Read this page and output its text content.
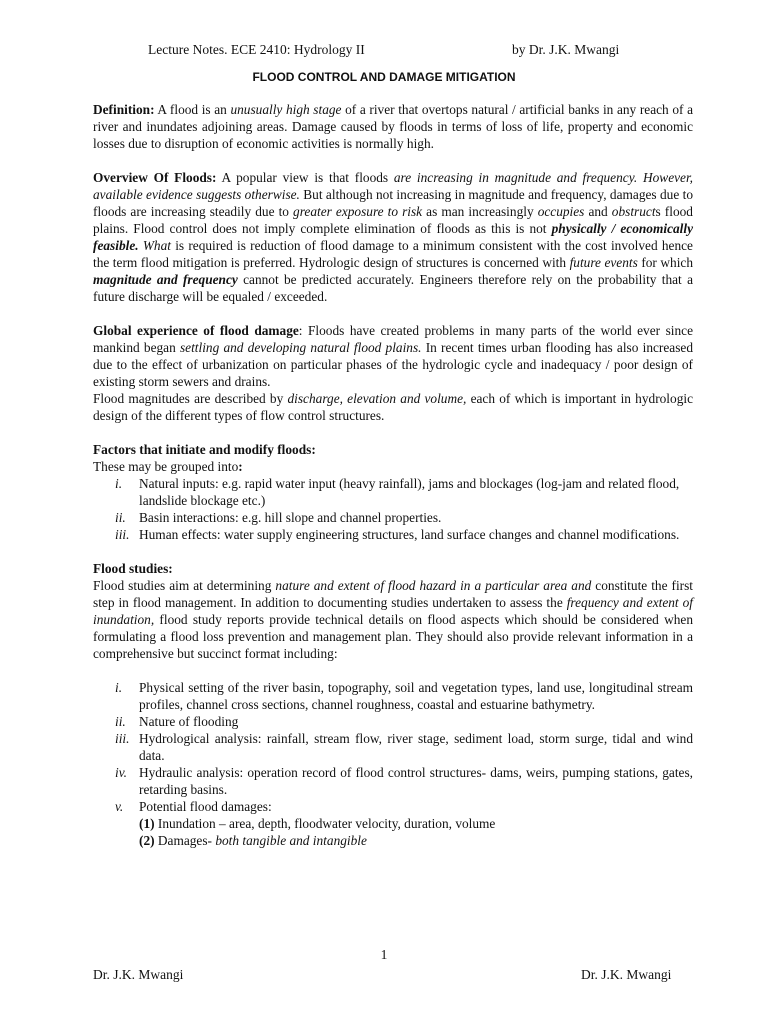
Lecture Notes. ECE 2410: Hydrology II	by Dr. J.K. Mwangi
FLOOD CONTROL AND DAMAGE MITIGATION

Definition: A flood is an unusually high stage of a river that overtops natural / artificial banks in any reach of a river and inundates adjoining areas. Damage caused by floods in terms of loss of life, property and economic losses due to disruption of economic activities is normally high.

Overview Of Floods: A popular view is that floods are increasing in magnitude and frequency. However, available evidence suggests otherwise. But although not increasing in magnitude and frequency, damages due to floods are increasing steadily due to greater exposure to risk as man increasingly occupies and obstructs flood plains. Flood control does not imply complete elimination of floods as this is not physically / economically feasible. What is required is reduction of flood damage to a minimum consistent with the cost involved hence the term flood mitigation is preferred. Hydrologic design of structures is concerned with future events for which magnitude and frequency cannot be predicted accurately. Engineers therefore rely on the probability that a future discharge will be equaled / exceeded.

Global experience of flood damage: Floods have created problems in many parts of the world ever since mankind began settling and developing natural flood plains. In recent times urban flooding has also increased due to the effect of urbanization on particular phases of the hydrologic cycle and inadequacy / poor design of existing storm sewers and drains.

Flood magnitudes are described by discharge, elevation and volume, each of which is important in hydrologic design of the different types of flow control structures.

Factors that initiate and modify floods:

These may be grouped into:

i. Natural inputs: e.g. rapid water input (heavy rainfall), jams and blockages (log-jam and related flood, landslide blockage etc.)
ii. Basin interactions: e.g. hill slope and channel properties.
iii. Human effects: water supply engineering structures, land surface changes and channel modifications.

Flood studies:

Flood studies aim at determining nature and extent of flood hazard in a particular area and constitute the first step in flood management. In addition to documenting studies undertaken to assess the frequency and extent of inundation, flood study reports provide technical details on flood aspects which should be considered when formulating a flood loss prevention and management plan. They should also provide relevant information in a comprehensive but succinct format including:

i. Physical setting of the river basin, topography, soil and vegetation types, land use, longitudinal stream profiles, channel cross sections, channel roughness, coastal and estuarine bathymetry.
ii. Nature of flooding
iii. Hydrological analysis: rainfall, stream flow, river stage, sediment load, storm surge, tidal and wind data.
iv. Hydraulic analysis: operation record of flood control structures- dams, weirs, pumping stations, gates, retarding basins.
v. Potential flood damages:
(1) Inundation – area, depth, floodwater velocity, duration, volume
(2) Damages- both tangible and intangible
1
Dr. J.K. Mwangi	Dr. J.K. Mwangi
